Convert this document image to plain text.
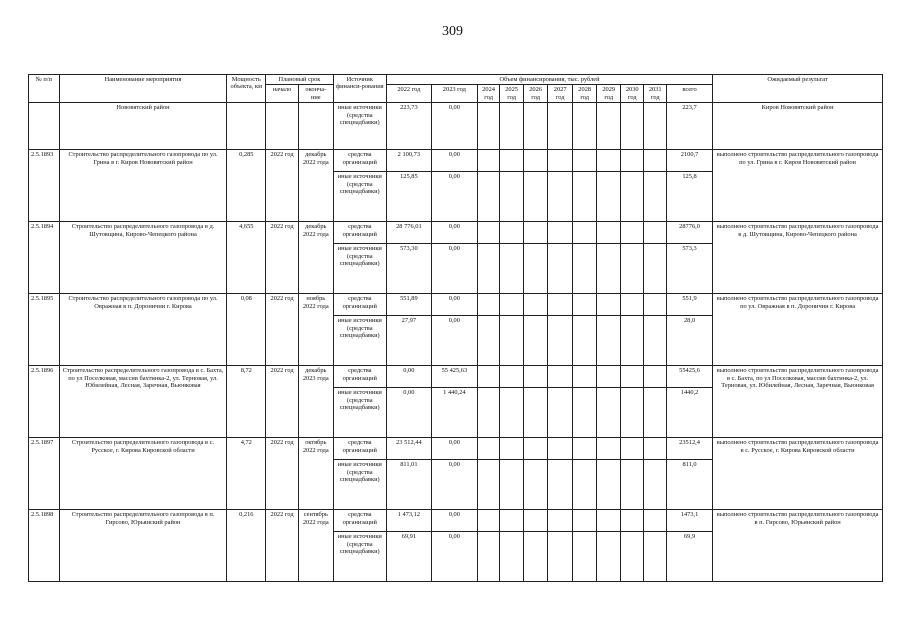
309
№ п/п	Наименование мероприятия	Мощность объекта, км	Плановый срок		Источник финанси-рования	Объем финансирования, тыс. рублей											Ожидаемый результат
			начало	оконча-ние		2022 год	2023 год	2024 год	2025 год	2026 год	2027 год	2028 год	2029 год	2030 год	2031 год	всего	

	Нововятский район				иные источники (средства спецнадбавки)	223,73	0,00									223,7	Киров Нововятский район
2.5.1893	Строительство распределительного газопровода по ул. Грина в г. Киров Нововятский район	0,285	2022 год	декабрь 2022 года	средства организаций	2 100,73	0,00									2100,7	выполнено строительство распределительного газопровода по ул. Грина в г. Киров Нововятский район
					иные источники (средства спецнадбавки)	125,85	0,00									125,8	
2.5.1894	Строительство распределительного газопровода в д. Шутовщина, Кирово-Чепецкого района	4,655	2022 год	декабрь 2022 года	средства организаций	28 776,01	0,00									28776,0	выполнено строительство распределительного газопровода в д. Шутовщина, Кирово-Чепецкого района
					иные источники (средства спецнадбавки)	573,30	0,00									573,3	
2.5.1895	Строительство распределительного газопровода по ул. Овражная в п. Доронични г. Кирова	0,08	2022 год	ноябрь 2022 года	средства организаций	551,89	0,00									551,9	выполнено строительство распределительного газопровода по ул. Овражная в п. Доронични г. Кирова
					иные источники (средства спецнадбавки)	27,97	0,00									28,0	
2.5.1896	Строительство распределительного газопровода в с. Бахта, по ул Поселковая, массив бахтинка-2, ул. Терновая, ул. Юбилейная, Лесная, Заречная, Вьюнковая	8,72	2022 год	декабрь 2023 года	средства организаций	0,00	55 425,63									55425,6	выполнено строительство распределительного газопровода в с. Бахта, по ул Поселковая, массив бахтинка-2, ул. Терновая, ул. Юбилейная, Лесная, Заречная, Вьюнковая
					иные источники (средства спецнадбавки)	0,00	1 440,24									1440,2	
2.5.1897	Строительство распределительного газопровода в с. Русское, г. Кирова Кировской области	4,72	2022 год	октябрь 2022 года	средства организаций	23 512,44	0,00									23512,4	выполнено строительство распределительного газопровода в с. Русское, г. Кирова Кировской области
					иные источники (средства спецнадбавки)	811,01	0,00									811,0	
2.5.1898	Строительство распределительного газопровода в п. Гирсово, Юрьянский район	0,216	2022 год	сентябрь 2022 года	средства организаций	1 473,12	0,00									1473,1	выполнено строительство распределительного газопровода в п. Гирсово, Юрьянский район
					иные источники (средства спецнадбавки)	69,91	0,00									69,9	
